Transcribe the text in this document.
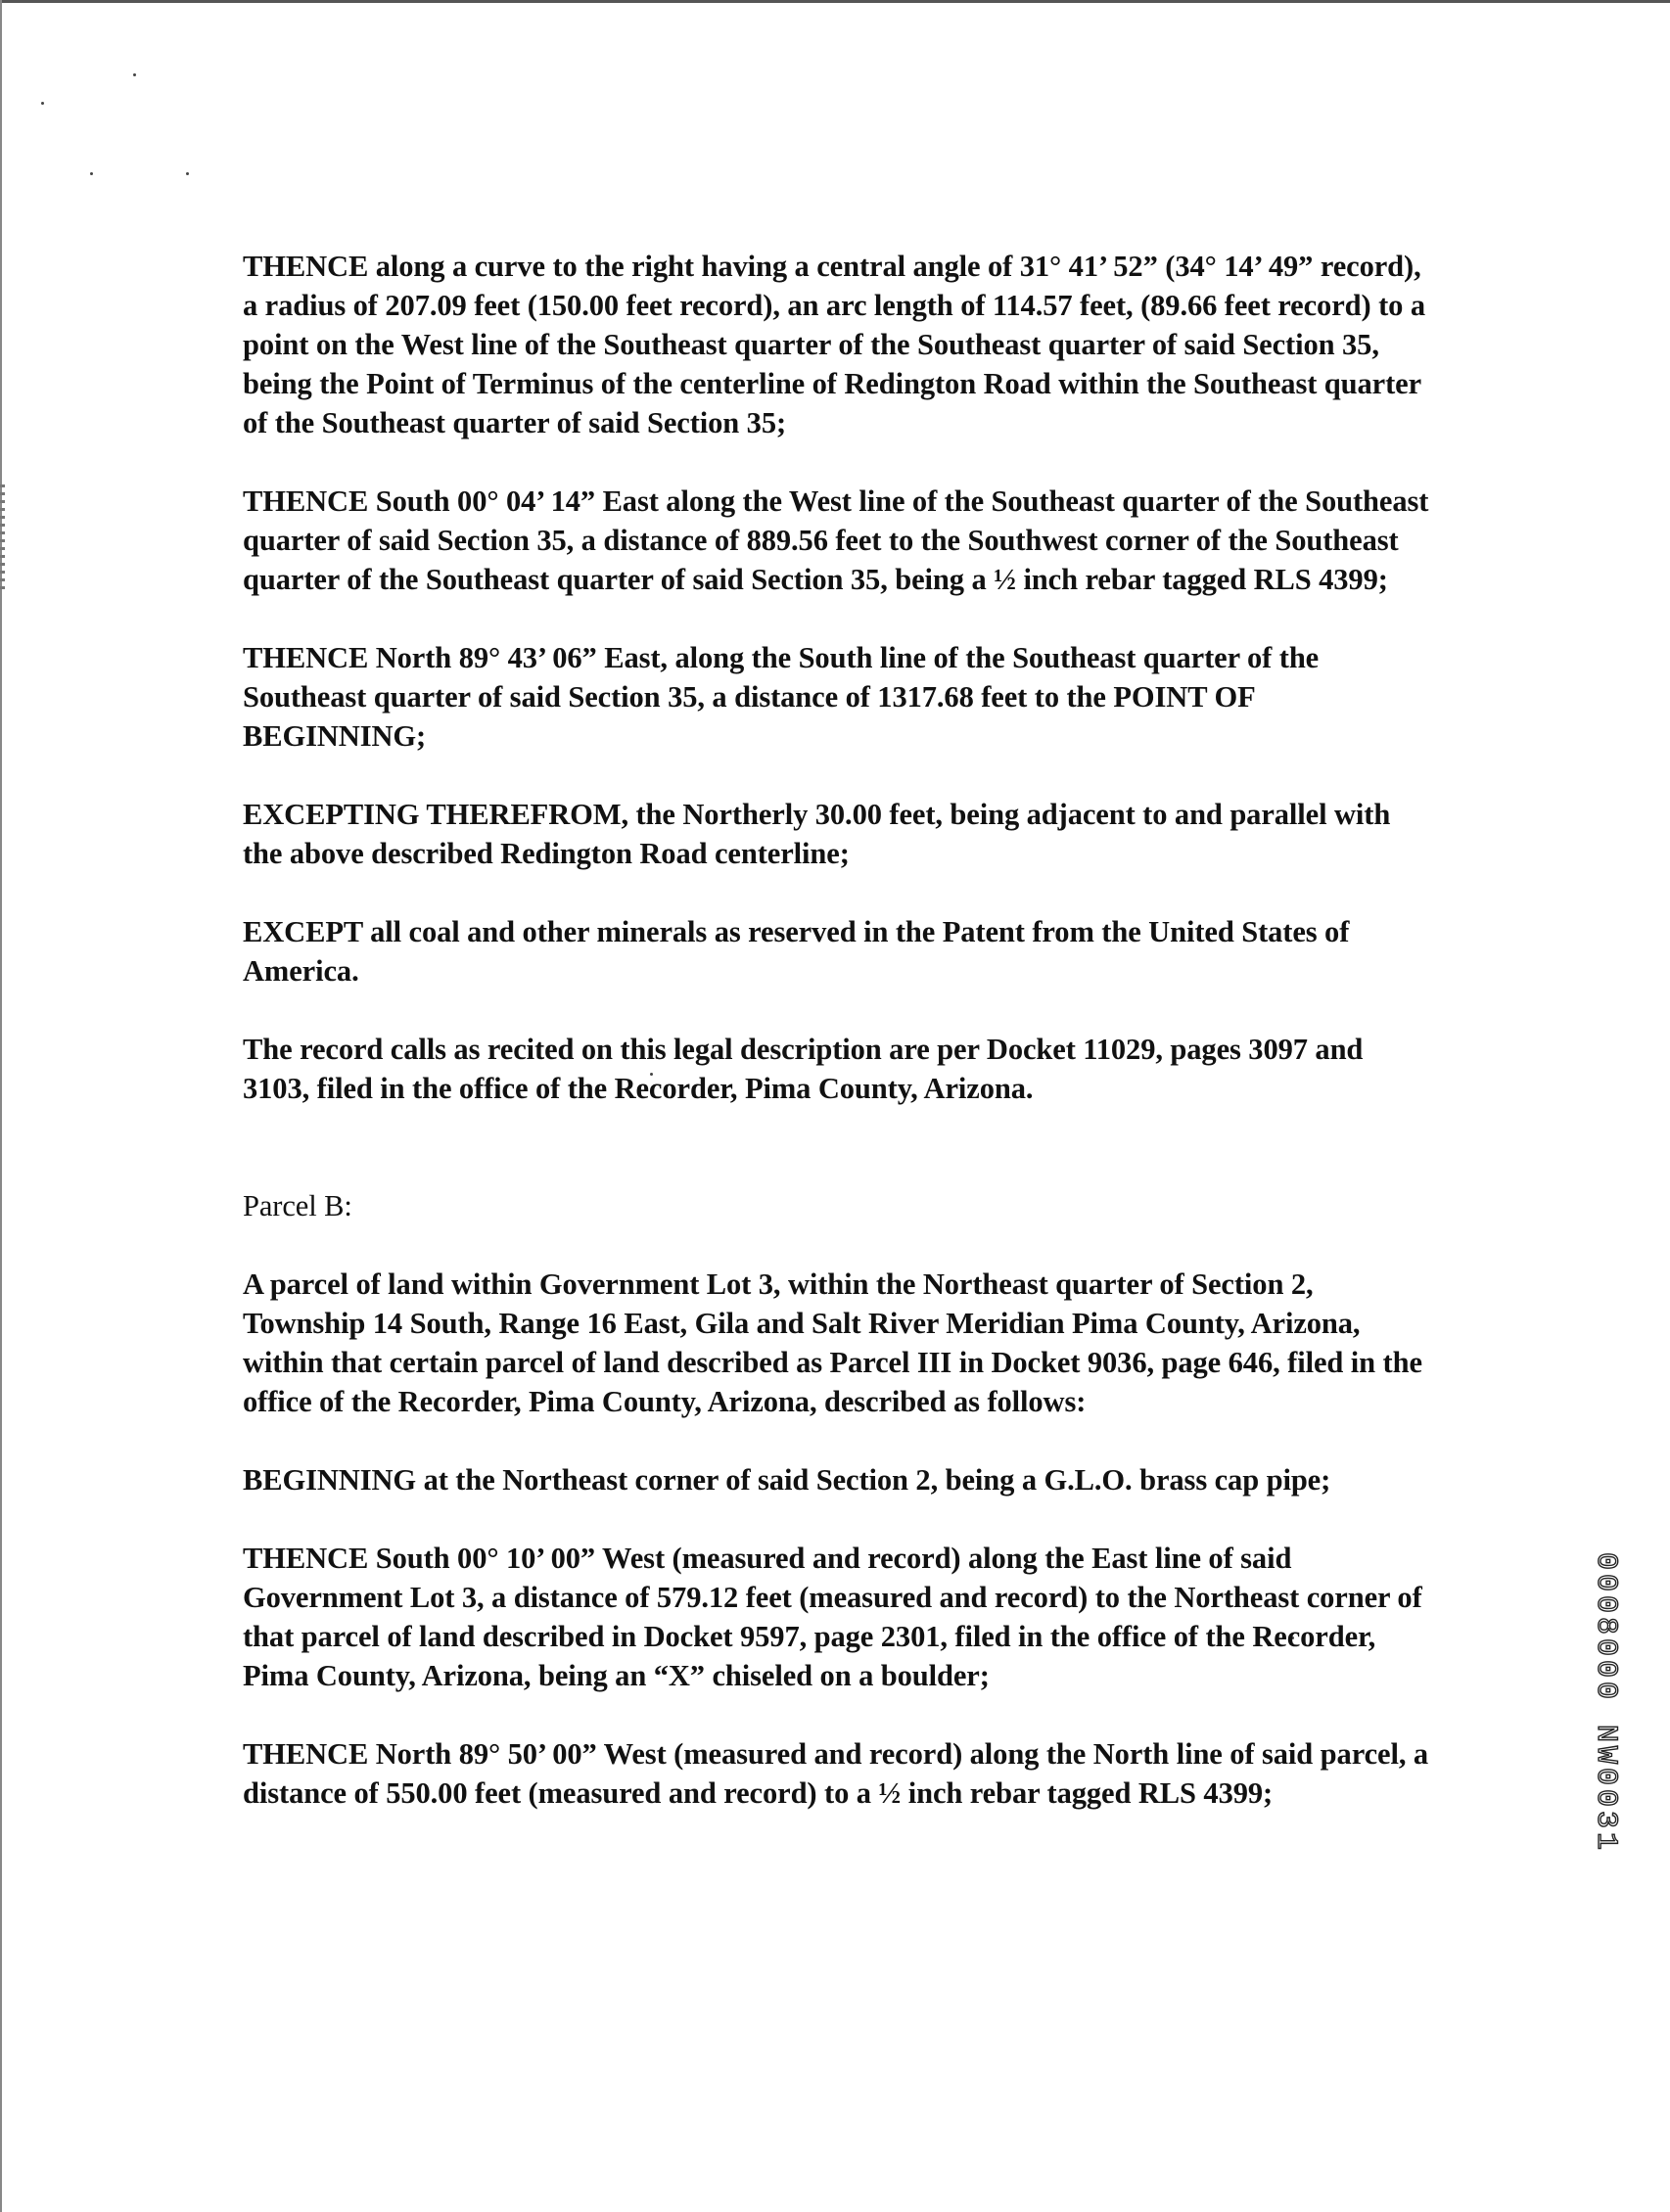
THENCE along a curve to the right having a central angle of 31° 41’ 52” (34° 14’ 49” record), a radius of 207.09 feet (150.00 feet record), an arc length of 114.57 feet, (89.66 feet record) to a point on the West line of the Southeast quarter of the Southeast quarter of said Section 35, being the Point of Terminus of the centerline of Redington Road within the Southeast quarter of the Southeast quarter of said Section 35;

THENCE South 00° 04’ 14” East along the West line of the Southeast quarter of the Southeast quarter of said Section 35, a distance of 889.56 feet to the Southwest corner of the Southeast quarter of the Southeast quarter of said Section 35, being a ½ inch rebar tagged RLS 4399;

THENCE North 89° 43’ 06” East, along the South line of the Southeast quarter of the Southeast quarter of said Section 35, a distance of 1317.68 feet to the POINT OF BEGINNING;

EXCEPTING THEREFROM, the Northerly 30.00 feet, being adjacent to and parallel with the above described Redington Road centerline;

EXCEPT all coal and other minerals as reserved in the Patent from the United States of America.

The record calls as recited on this legal description are per Docket 11029, pages 3097 and 3103, filed in the office of the Recorder, Pima County, Arizona.

Parcel B:

A parcel of land within Government Lot 3, within the Northeast quarter of Section 2, Township 14 South, Range 16 East, Gila and Salt River Meridian Pima County, Arizona, within that certain parcel of land described as Parcel III in Docket 9036, page 646, filed in the office of the Recorder, Pima County, Arizona, described as follows:

BEGINNING at the Northeast corner of said Section 2, being a G.L.O. brass cap pipe;

THENCE South 00° 10’ 00” West (measured and record) along the East line of said Government Lot 3, a distance of 579.12 feet (measured and record) to the Northeast corner of that parcel of land described in Docket 9597, page 2301, filed in the office of the Recorder, Pima County, Arizona, being an “X” chiseled on a boulder;

THENCE North 89° 50’ 00” West (measured and record) along the North line of said parcel, a distance of 550.00 feet (measured and record) to a ½ inch rebar tagged RLS 4399;	0008000 NW0031
